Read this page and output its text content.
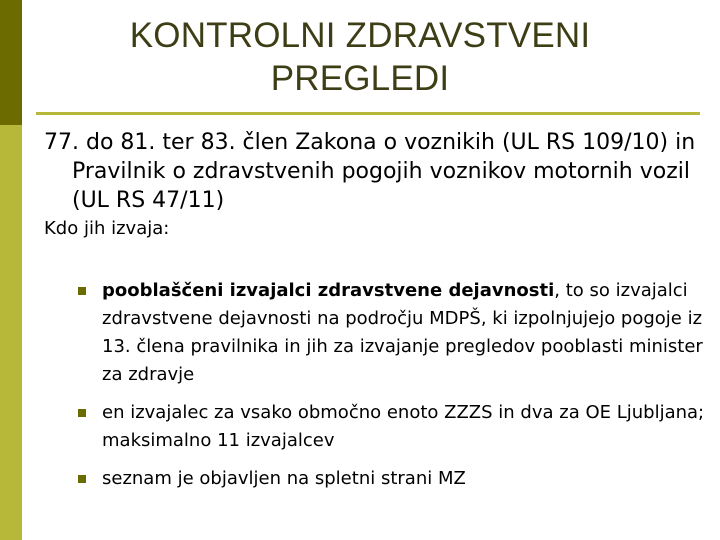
KONTROLNI ZDRAVSTVENI
PREGLEDI
77. do 81. ter 83. člen Zakona o voznikih (UL RS 109/10) in Pravilnik o zdravstvenih pogojih voznikov motornih vozil (UL RS 47/11)
Kdo jih izvaja:
pooblaščeni izvajalci zdravstvene dejavnosti, to so izvajalci zdravstvene dejavnosti na področju MDPŠ, ki izpolnjujejo pogoje iz 13. člena pravilnika in jih za izvajanje pregledov pooblasti minister za zdravje
en izvajalec za vsako območno enoto ZZZS in dva za OE Ljubljana; maksimalno 11 izvajalcev
seznam je objavljen na spletni strani MZ
